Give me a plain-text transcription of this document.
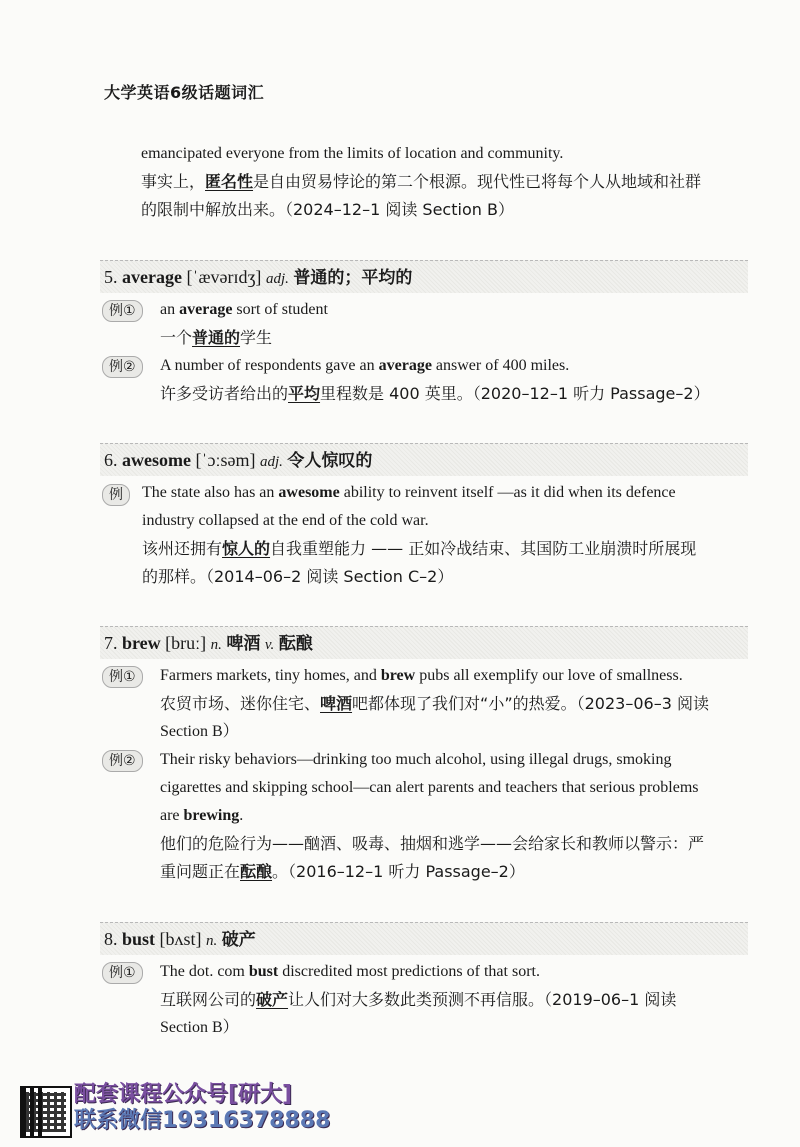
大学英语6级话题词汇
emancipated everyone from the limits of location and community.
事实上，匿名性是自由贸易悖论的第二个根源。现代性已将每个人从地域和社群
的限制中解放出来。（2024–12–1 阅读 Section B）
5. average [ˈævərɪdʒ] adj. 普通的；平均的
例①	an average sort of student
一个普通的学生
例②	A number of respondents gave an average answer of 400 miles.
许多受访者给出的平均里程数是 400 英里。（2020–12–1 听力 Passage–2）
6. awesome [ˈɔːsəm] adj. 令人惊叹的
例	The state also has an awesome ability to reinvent itself —as it did when its defence
industry collapsed at the end of the cold war.
该州还拥有惊人的自我重塑能力 —— 正如冷战结束、其国防工业崩溃时所展现
的那样。（2014–06–2 阅读 Section C–2）
7. brew [bruː] n. 啤酒 v. 酝酿
例①	Farmers markets, tiny homes, and brew pubs all exemplify our love of smallness.
农贸市场、迷你住宅、啤酒吧都体现了我们对“小”的热爱。（2023–06–3 阅读
Section B）
例②	Their risky behaviors—drinking too much alcohol, using illegal drugs, smoking
cigarettes and skipping school—can alert parents and teachers that serious problems
are brewing.
他们的危险行为——酗酒、吸毒、抽烟和逃学——会给家长和教师以警示：严
重问题正在酝酿。（2016–12–1 听力 Passage–2）
8. bust [bʌst] n. 破产
例①	The dot. com bust discredited most predictions of that sort.
互联网公司的破产让人们对大多数此类预测不再信服。（2019–06–1 阅读
Section B）
配套课程公众号[研大]
联系微信19316378888
